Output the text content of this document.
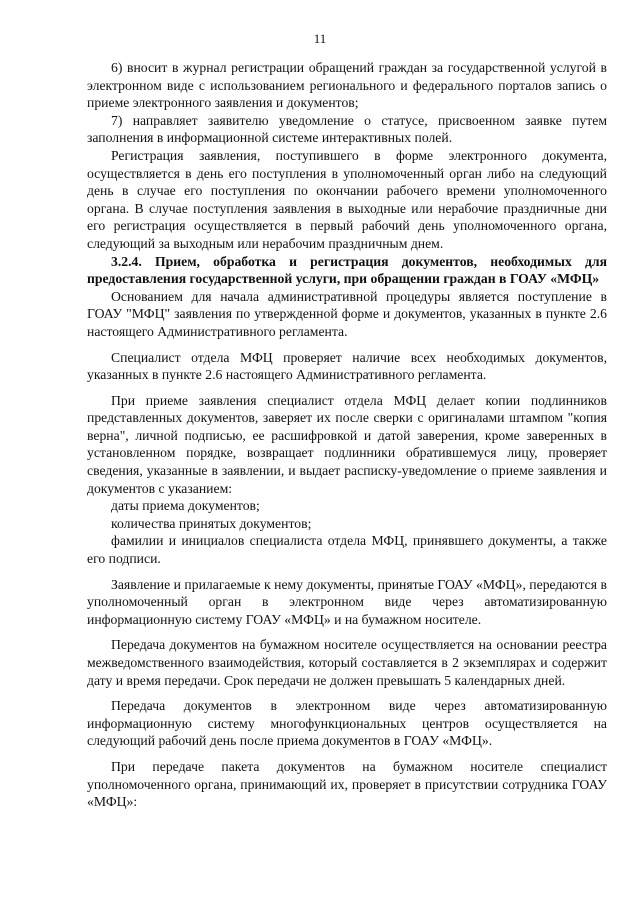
11

6) вносит в журнал регистрации обращений граждан за государственной услугой в электронном виде с использованием регионального и федерального порталов запись о приеме электронного заявления и документов;

7) направляет заявителю уведомление о статусе, присвоенном заявке путем заполнения в информационной системе интерактивных полей.

Регистрация заявления, поступившего в форме электронного документа, осуществляется в день его поступления в уполномоченный орган либо на следующий день в случае его поступления по окончании рабочего времени уполномоченного органа. В случае поступления заявления в выходные или нерабочие праздничные дни его регистрация осуществляется в первый рабочий день уполномоченного органа, следующий за выходным или нерабочим праздничным днем.

3.2.4. Прием, обработка и регистрация документов, необходимых для предоставления государственной услуги, при обращении граждан в ГОАУ «МФЦ»

Основанием для начала административной процедуры является поступление в ГОАУ "МФЦ" заявления по утвержденной форме и документов, указанных в пункте 2.6 настоящего Административного регламента.

Специалист отдела МФЦ проверяет наличие всех необходимых документов, указанных в пункте 2.6 настоящего Административного регламента.

При приеме заявления специалист отдела МФЦ делает копии подлинников представленных документов, заверяет их после сверки с оригиналами штампом "копия верна", личной подписью, ее расшифровкой и датой заверения, кроме заверенных в установленном порядке, возвращает подлинники обратившемуся лицу, проверяет сведения, указанные в заявлении, и выдает расписку-уведомление о приеме заявления и документов с указанием:

даты приема документов;

количества принятых документов;

фамилии и инициалов специалиста отдела МФЦ, принявшего документы, а также его подписи.

Заявление и прилагаемые к нему документы, принятые ГОАУ «МФЦ», передаются в уполномоченный орган в электронном виде через автоматизированную информационную систему ГОАУ «МФЦ» и на бумажном носителе.

Передача документов на бумажном носителе осуществляется на основании реестра межведомственного взаимодействия, который составляется в 2 экземплярах и содержит дату и время передачи. Срок передачи не должен превышать 5 календарных дней.

Передача документов в электронном виде через автоматизированную информационную систему многофункциональных центров осуществляется на следующий рабочий день после приема документов в ГОАУ «МФЦ».

При передаче пакета документов на бумажном носителе специалист уполномоченного органа, принимающий их, проверяет в присутствии сотрудника ГОАУ «МФЦ»:
